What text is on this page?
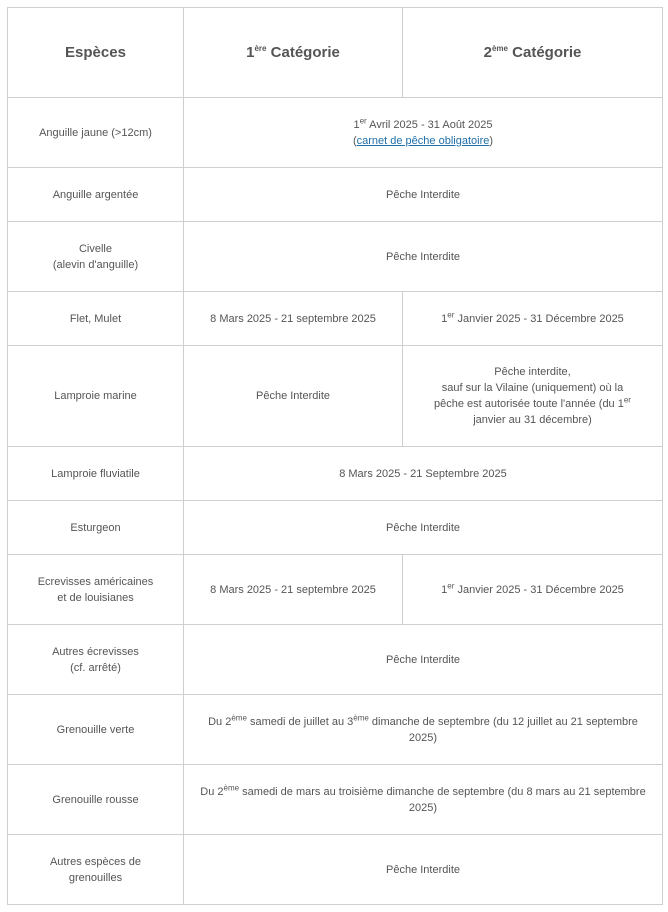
Espèces	1ère Catégorie	2ème Catégorie
Anguille jaune (>12cm)	1er Avril 2025 - 31 Août 2025
(carnet de pêche obligatoire)	
Anguille argentée	Pêche Interdite	
Civelle
(alevin d'anguille)	Pêche Interdite	
Flet, Mulet	8 Mars 2025 - 21 septembre 2025	1er Janvier 2025 - 31 Décembre 2025
Lamproie marine	Pêche Interdite	Pêche interdite,
sauf sur la Vilaine (uniquement) où la
pêche est autorisée toute l'année (du 1er
janvier au 31 décembre)
Lamproie fluviatile	8 Mars 2025 - 21 Septembre 2025	
Esturgeon	Pêche Interdite	
Ecrevisses américaines
et de louisianes	8 Mars 2025 - 21 septembre 2025	1er Janvier 2025 - 31 Décembre 2025
Autres écrevisses
(cf. arrêté)	Pêche Interdite	
Grenouille verte	Du 2ème samedi de juillet au 3ème dimanche de septembre (du 12 juillet au 21 septembre
2025)	
Grenouille rousse	Du 2ème samedi de mars au troisième dimanche de septembre (du 8 mars au 21 septembre
2025)	
Autres espèces de
grenouilles	Pêche Interdite	
